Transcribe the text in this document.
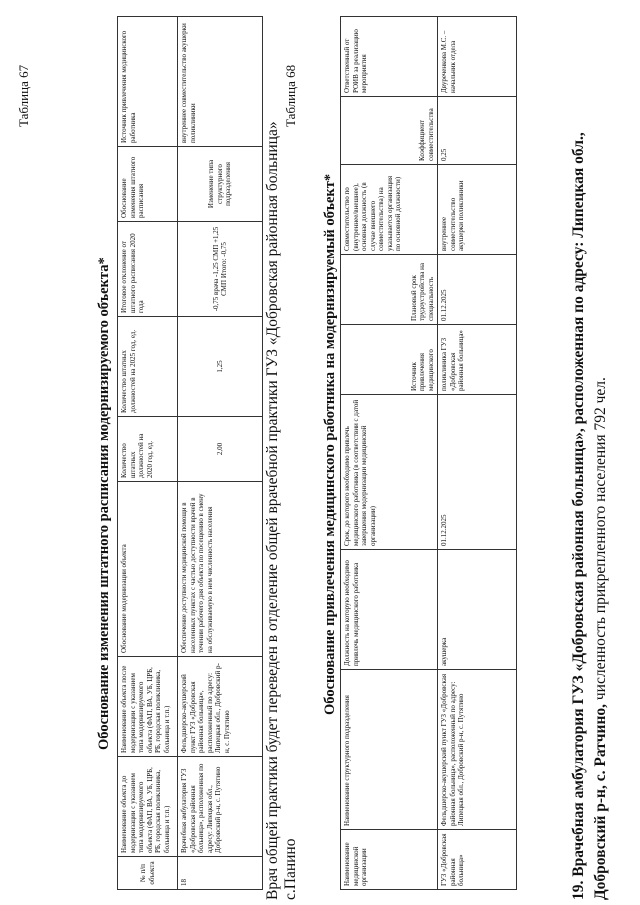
Таблица 67
Обоснование изменения штатного расписания модернизируемого объекта*
№ п/п объекта	Наименование объекта до модернизации с указанием типа модернизируемого объекта (ФАП, ВА, УБ, ЦРБ, РБ, городская поликлиника, больница и т.п.)	Наименование объекта после модернизации с указанием типа модернизируемого объекта (ФАП, ВА, УБ, ЦРБ, РБ, городская поликлиника, больница и т.п.)	Обоснование модернизации объекта	Количество штатных должностей на 2020 год, ед.	Количество штатных должностей на 2025 год, ед.	Итоговое отклонение от штатного расписания 2020 года	Обоснование изменения штатного расписания	Источник привлечения медицинского работника
18	Врачебная амбулатория ГУЗ «Добровская районная больница», расположенная по адресу: Липецкая обл., Добровский р-н, с. Путятино	Фельдшерско-акушерский пункт ГУЗ «Добровская районная больница», расположенный по адресу: Липецкая обл., Добровский р-н, с. Путятино	Обеспечение доступности медицинской помощи в населенных пунктах с частью доступности врачей в течении рабочего дня объекта по посещению в смену на обслуживаемую в нем численность населения	2,00	1,25	-0,75 врача -1,25 СМП +1,25 СМП Итого: -0,75	Изменение типа структурного подразделения	внутреннее совместительство акушерки поликлиники	Врач общей практики будет переведен в отделение общей врачебной практики ГУЗ «Добровская районная больница» с.Панино
Таблица 68
Обоснование привлечения медицинского работника на модернизируемый объект*
Наименование медицинской организации	Наименование структурного подразделения	Должность на которую необходимо привлечь медицинского работника	Срок, до которого необходимо привлечь медицинского работника (в соответствии с датой завершения модернизации медицинской организации)	Источник привлечения медицинского	Плановый срок трудоустройства на специальность	Совместительство по (внутреннее/внешнее), основная должность (в случае внешнего совместительства) на указывается организация по основной должности)	Коэффициент совместительства	Ответственный от РОИВ за реализацию мероприятия
ГУЗ «Добровская районная больница»	Фельдшерско-акушерский пункт ГУЗ «Добровская районная больница», расположенный по адресу: Липецкая обл., Добровский р-н, с. Путятино	акушерка	01.12.2025	поликлиника ГУЗ «Добровская районная больница»	01.12.2025	внутреннее совместительство акушерки поликлиники	0,25	Двуреченкова М.С. – начальник отдела
19. Врачебная амбулатория ГУЗ «Добровская районная больница», расположенная по адресу: Липецкая обл., Добровский р-н, с. Ратчино, численность прикрепленного населения 792 чел.
